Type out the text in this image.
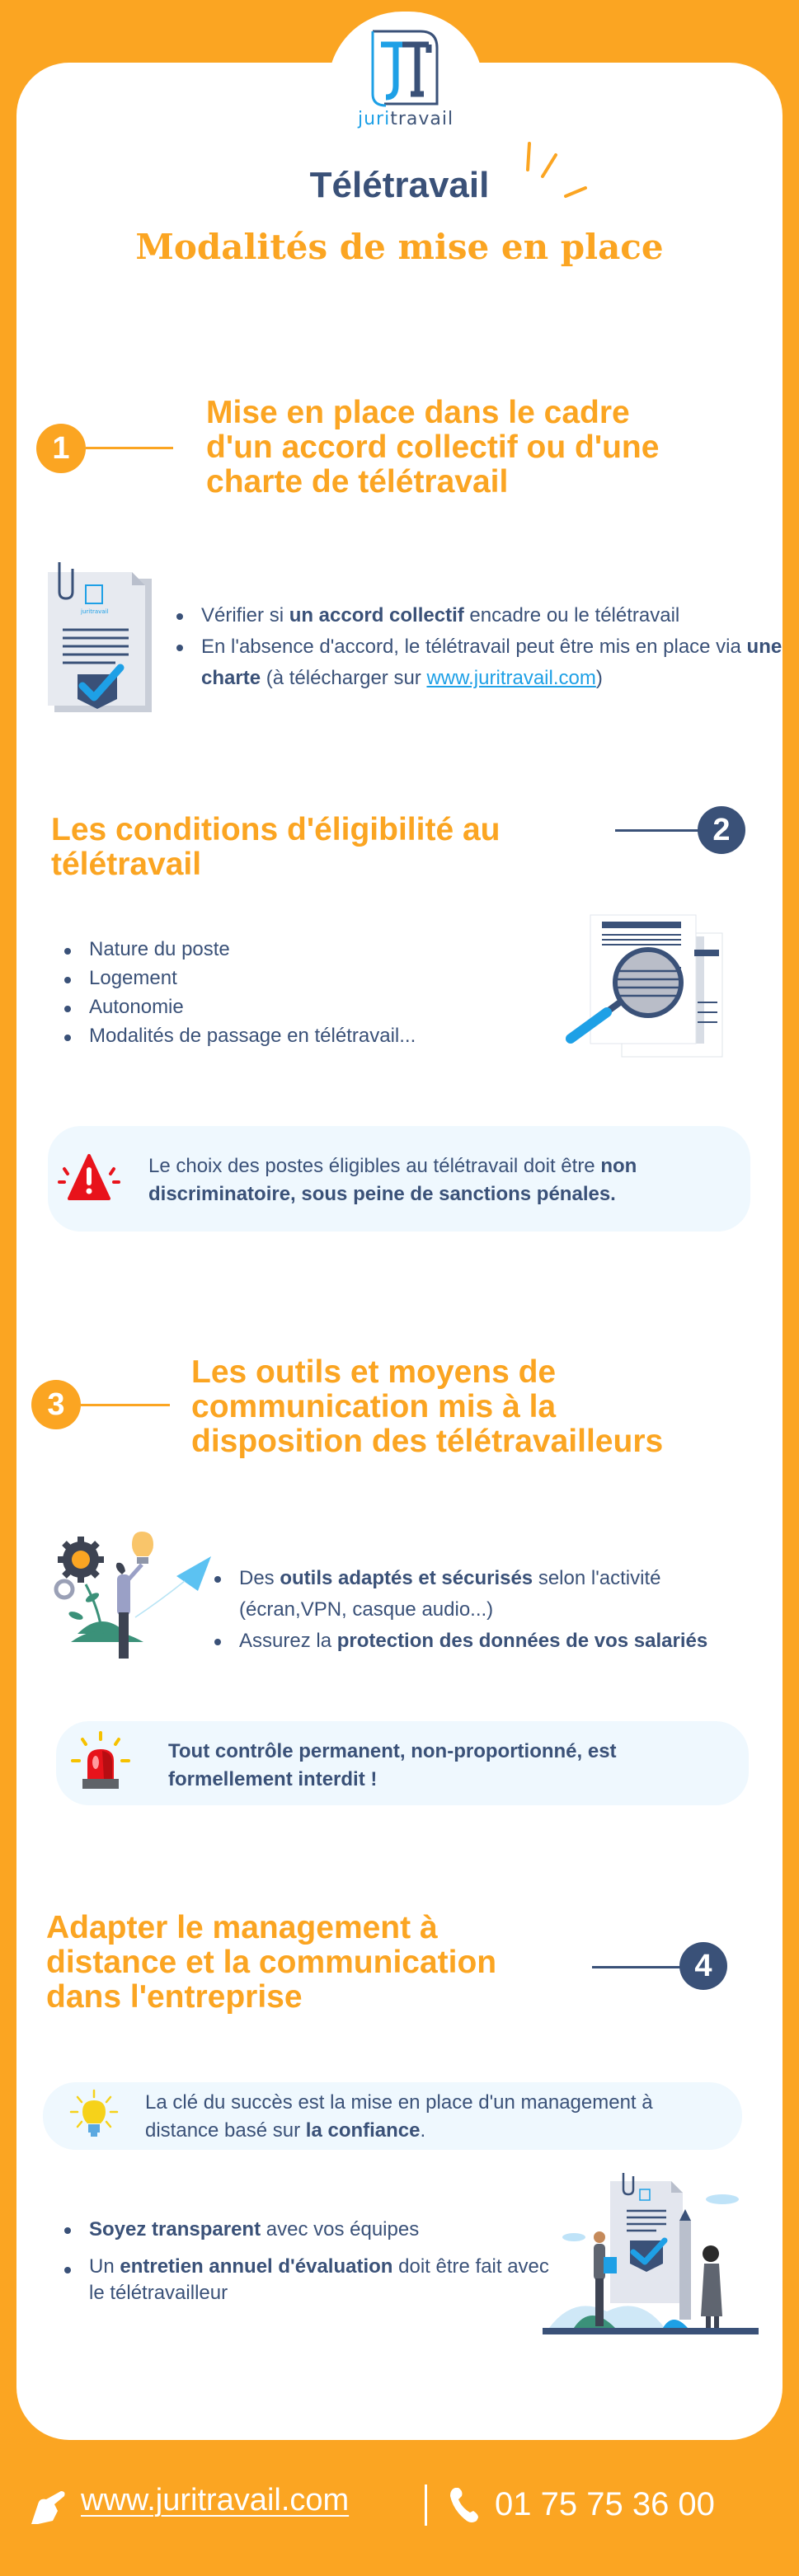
juritravail
Télétravail
Modalités de mise en place
1
Mise en place dans le cadre
d'un accord collectif ou d'une
charte de télétravail
juritravail	Vérifier si un accord collectif encadre ou le télétravail
En l'absence d'accord, le télétravail peut être mis en place via une charte (à télécharger sur www.juritravail.com)
Les conditions d'éligibilité au
télétravail
2
Nature du poste
Logement
Autonomie
Modalités de passage en télétravail...
Le choix des postes éligibles au télétravail doit être non discriminatoire, sous peine de sanctions pénales.
3
Les outils et moyens de
communication mis à la
disposition des télétravailleurs
Des outils adaptés et sécurisés selon l'activité (écran,VPN, casque audio...)
Assurez la protection des données de vos salariés
Tout contrôle permanent, non-proportionné, est formellement interdit !
Adapter le management à
distance et la communication
dans l'entreprise
4
La clé du succès est la mise en place d'un management à distance basé sur la confiance.
Soyez transparent avec vos équipes
Un entretien annuel d'évaluation doit être fait avec le télétravailleur
www.juritravail.com	01 75 75 36 00
